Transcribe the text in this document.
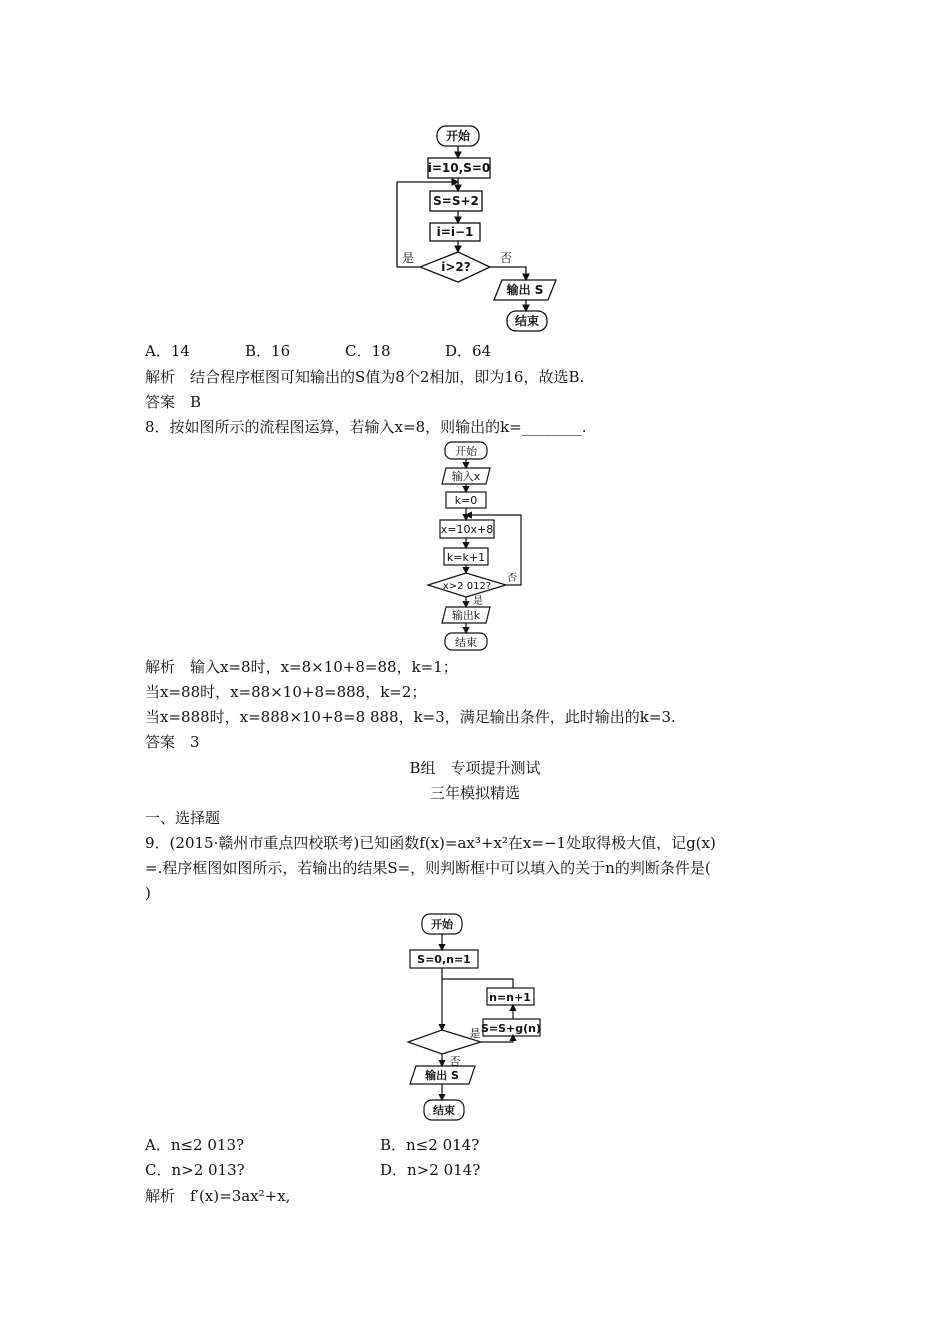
开始
i=10,S=0
S=S+2
i=i−1
i>2?
是	否
输出 S
结束
A．14	B．16	C．18	D．64
解析　结合程序框图可知输出的S值为8个2相加，即为16，故选B.
答案　B
8．按如图所示的流程图运算，若输入x=8，则输出的k=________.
开始
输入x
k=0
x=10x+8
k=k+1
x>2 012?
否
是
输出k
结束
解析　输入x=8时，x=8×10+8=88，k=1；
当x=88时，x=88×10+8=888，k=2；
当x=888时，x=888×10+8=8 888，k=3，满足输出条件，此时输出的k=3.
答案　3
B组　专项提升测试
三年模拟精选
一、选择题
9．(2015·赣州市重点四校联考)已知函数f(x)=ax³+x²在x=−1处取得极大值，记g(x)
=.程序框图如图所示，若输出的结果S=，则判断框中可以填入的关于n的判断条件是(
)
开始
S=0,n=1
n=n+1
S=S+g(n)
是
否
输出 S
结束
A．n≤2 013?	B．n≤2 014?
C．n>2 013?	D．n>2 014?
解析　f′(x)=3ax²+x,
